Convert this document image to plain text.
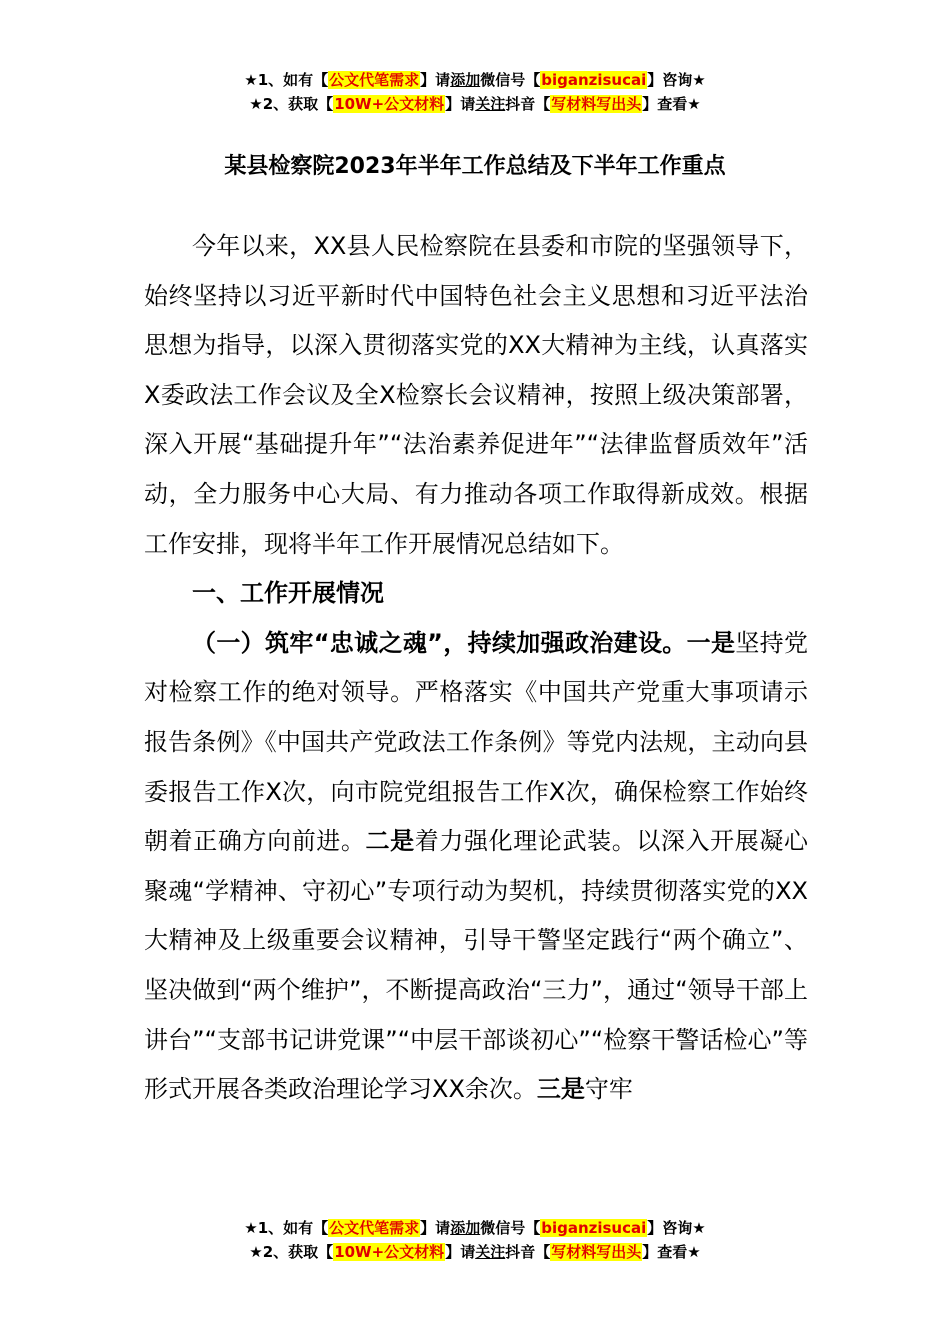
★1、如有【公文代笔需求】请添加微信号【biganzisucai】咨询★
★2、获取【10W+公文材料】请关注抖音【写材料写出头】查看★
某县检察院2023年半年工作总结及下半年工作重点

今年以来，XX县人民检察院在县委和市院的坚强领导下，始终坚持以习近平新时代中国特色社会主义思想和习近平法治思想为指导，以深入贯彻落实党的XX大精神为主线，认真落实X委政法工作会议及全X检察长会议精神，按照上级决策部署，深入开展“基础提升年”“法治素养促进年”“法律监督质效年”活动，全力服务中心大局、有力推动各项工作取得新成效。根据工作安排，现将半年工作开展情况总结如下。

一、工作开展情况

（一）筑牢“忠诚之魂”，持续加强政治建设。一是坚持党对检察工作的绝对领导。严格落实《中国共产党重大事项请示报告条例》《中国共产党政法工作条例》等党内法规，主动向县委报告工作X次，向市院党组报告工作X次，确保检察工作始终朝着正确方向前进。二是着力强化理论武装。以深入开展凝心聚魂“学精神、守初心”专项行动为契机，持续贯彻落实党的XX大精神及上级重要会议精神，引导干警坚定践行“两个确立”、坚决做到“两个维护”，不断提高政治“三力”，通过“领导干部上讲台”“支部书记讲党课”“中层干部谈初心”“检察干警话检心”等形式开展各类政治理论学习XX余次。三是守牢

★1、如有【公文代笔需求】请添加微信号【biganzisucai】咨询★
★2、获取【10W+公文材料】请关注抖音【写材料写出头】查看★
